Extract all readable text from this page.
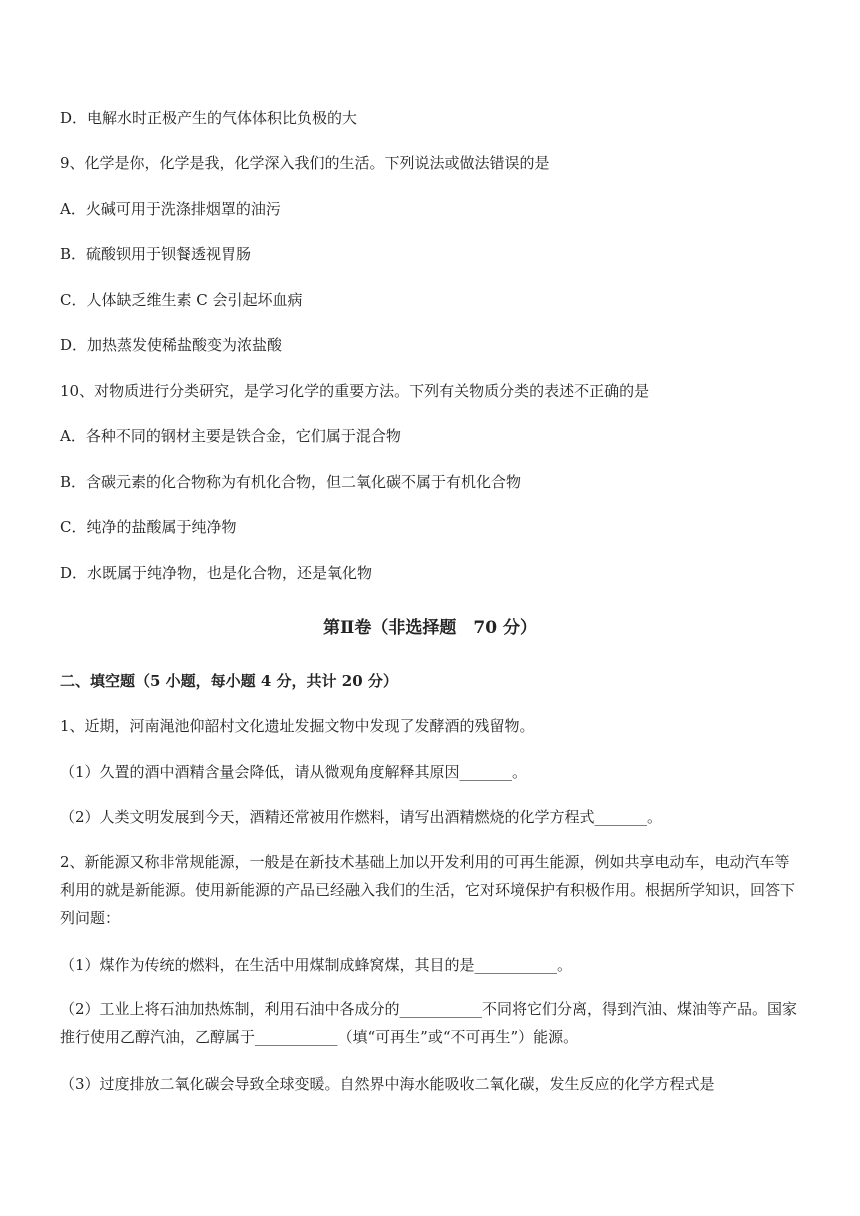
D．电解水时正极产生的气体体积比负极的大
9、化学是你，化学是我，化学深入我们的生活。下列说法或做法错误的是
A．火碱可用于洗涤排烟罩的油污
B．硫酸钡用于钡餐透视胃肠
C．人体缺乏维生素 C 会引起坏血病
D．加热蒸发使稀盐酸变为浓盐酸
10、对物质进行分类研究，是学习化学的重要方法。下列有关物质分类的表述不正确的是
A．各种不同的钢材主要是铁合金，它们属于混合物
B．含碳元素的化合物称为有机化合物，但二氧化碳不属于有机化合物
C．纯净的盐酸属于纯净物
D．水既属于纯净物，也是化合物，还是氧化物
第Ⅱ卷（非选择题　70 分）
二、填空题（5 小题，每小题 4 分，共计 20 分）
1、近期，河南渑池仰韶村文化遗址发掘文物中发现了发酵酒的残留物。
（1）久置的酒中酒精含量会降低，请从微观角度解释其原因_______。
（2）人类文明发展到今天，酒精还常被用作燃料，请写出酒精燃烧的化学方程式_______。
2、新能源又称非常规能源，一般是在新技术基础上加以开发利用的可再生能源，例如共享电动车，电动汽车等利用的就是新能源。使用新能源的产品已经融入我们的生活，它对环境保护有积极作用。根据所学知识，回答下列问题：
（1）煤作为传统的燃料，在生活中用煤制成蜂窝煤，其目的是___________。
（2）工业上将石油加热炼制，利用石油中各成分的___________不同将它们分离，得到汽油、煤油等产品。国家推行使用乙醇汽油，乙醇属于___________（填“可再生”或“不可再生”）能源。
（3）过度排放二氧化碳会导致全球变暖。自然界中海水能吸收二氧化碳，发生反应的化学方程式是
